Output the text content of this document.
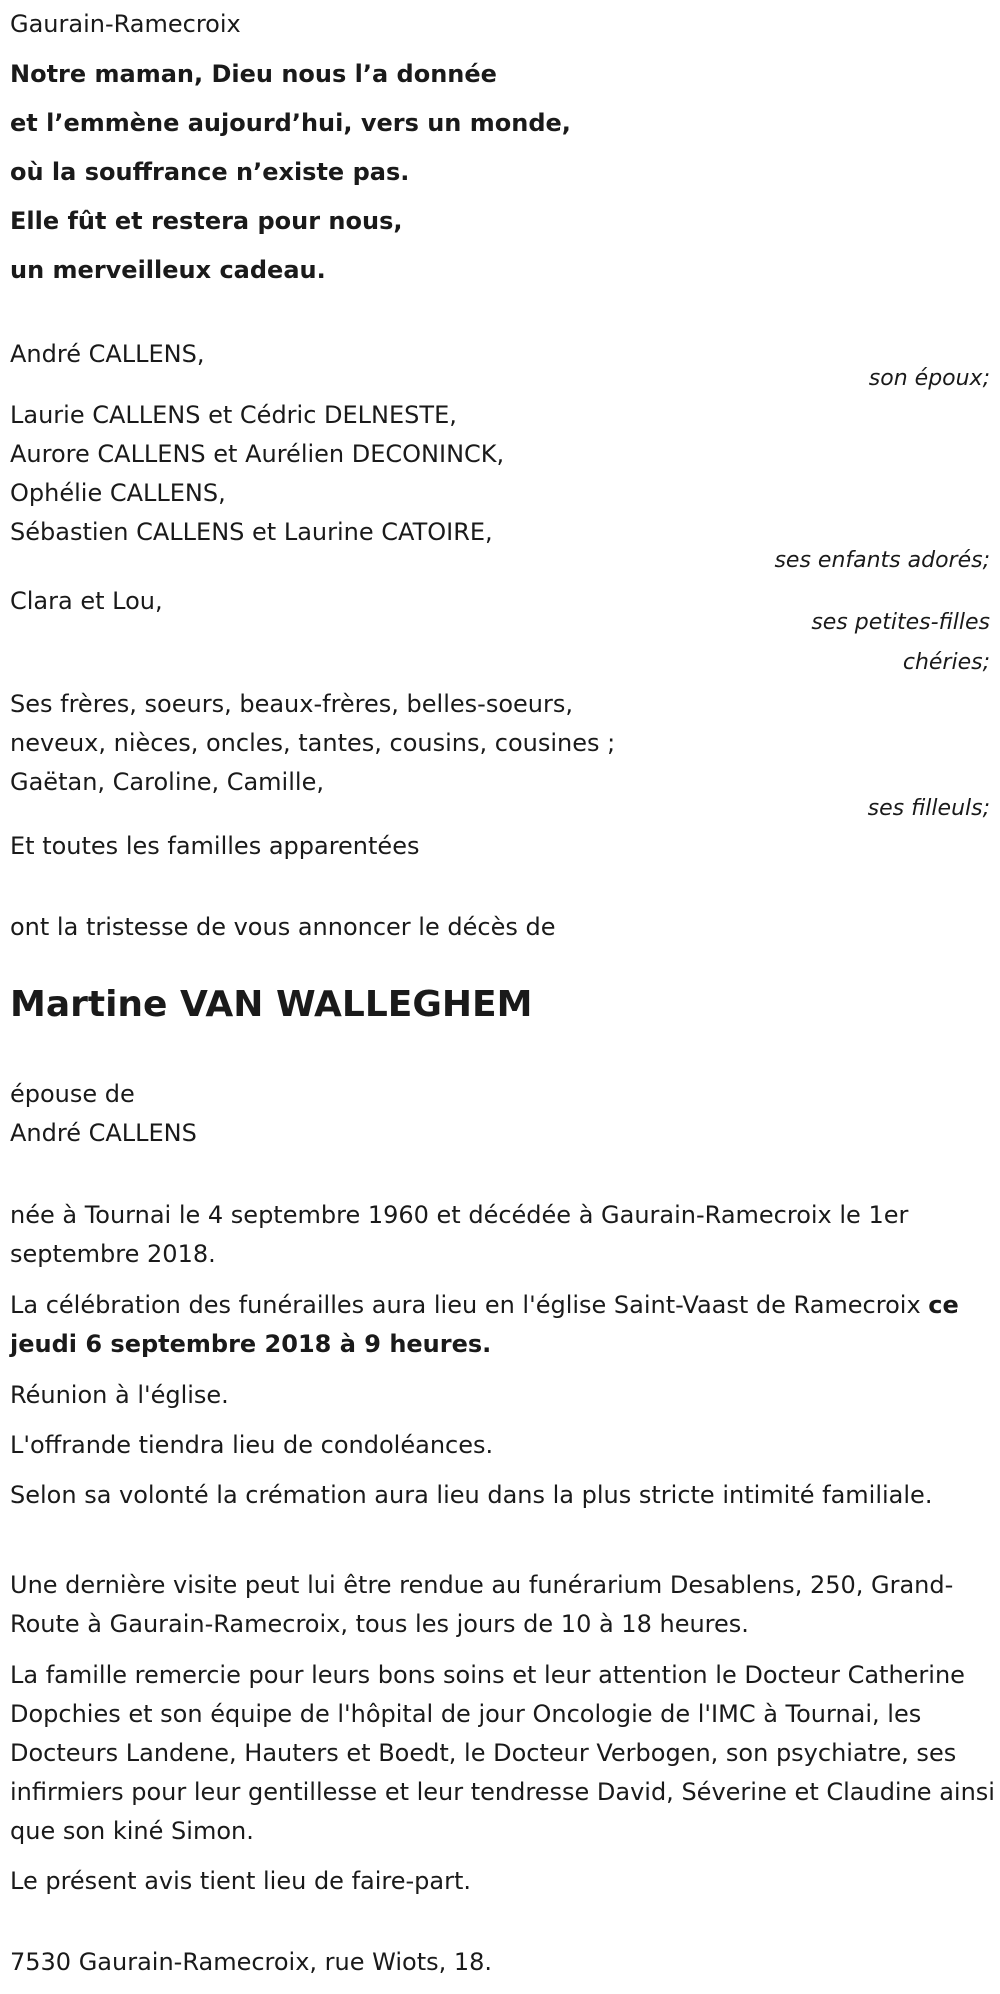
Gaurain-Ramecroix
Notre maman, Dieu nous l’a donnée
et l’emmène aujourd’hui, vers un monde,
où la souffrance n’existe pas.
Elle fût et restera pour nous,
un merveilleux cadeau.
André CALLENS,
son époux;
Laurie CALLENS et Cédric DELNESTE,
Aurore CALLENS et Aurélien DECONINCK,
Ophélie CALLENS,
Sébastien CALLENS et Laurine CATOIRE,
ses enfants adorés;
Clara et Lou,
ses petites-filles
chéries;
Ses frères, soeurs, beaux-frères, belles-soeurs,
neveux, nièces, oncles, tantes, cousins, cousines ;
Gaëtan, Caroline, Camille,
ses filleuls;
Et toutes les familles apparentées
ont la tristesse de vous annoncer le décès de
Martine VAN WALLEGHEM
épouse de
André CALLENS
née à Tournai le 4 septembre 1960 et décédée à Gaurain-Ramecroix le 1er septembre 2018.
La célébration des funérailles aura lieu en l'église Saint-Vaast de Ramecroix ce jeudi 6 septembre 2018 à 9 heures.
Réunion à l'église.
L'offrande tiendra lieu de condoléances.
Selon sa volonté la crémation aura lieu dans la plus stricte intimité familiale.
Une dernière visite peut lui être rendue au funérarium Desablens, 250, Grand-Route à Gaurain-Ramecroix, tous les jours de 10 à 18 heures.
La famille remercie pour leurs bons soins et leur attention le Docteur Catherine Dopchies et son équipe de l'hôpital de jour Oncologie de l'IMC à Tournai, les Docteurs Landene, Hauters et Boedt, le Docteur Verbogen, son psychiatre, ses infirmiers pour leur gentillesse et leur tendresse David, Séverine et Claudine ainsi que son kiné Simon.
Le présent avis tient lieu de faire-part.
7530 Gaurain-Ramecroix, rue Wiots, 18.
